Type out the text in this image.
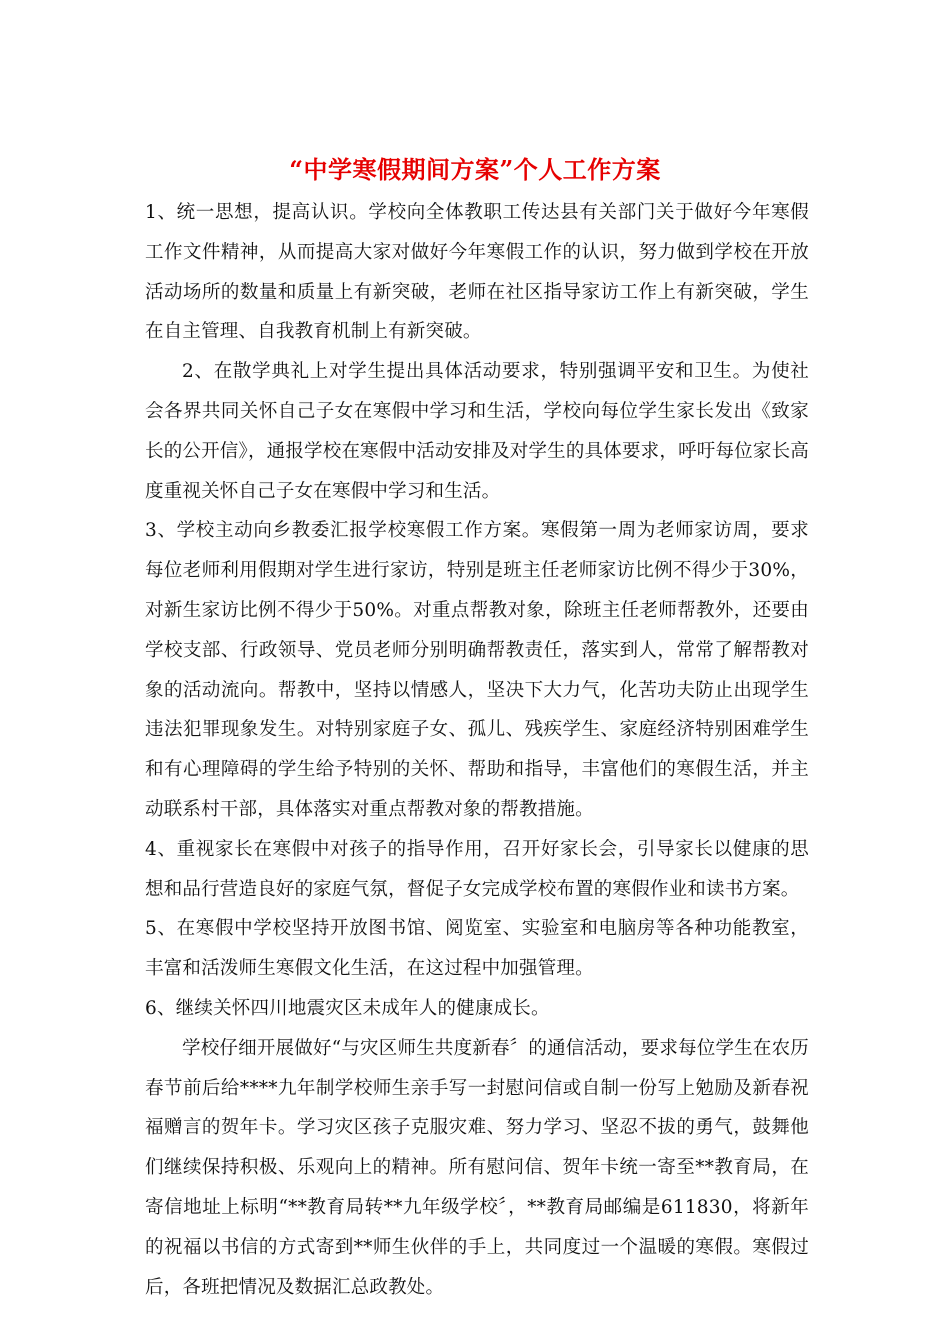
“中学寒假期间方案”个人工作方案

1、统一思想，提高认识。学校向全体教职工传达县有关部门关于做好今年寒假工作文件精神，从而提高大家对做好今年寒假工作的认识，努力做到学校在开放活动场所的数量和质量上有新突破，老师在社区指导家访工作上有新突破，学生在自主管理、自我教育机制上有新突破。

2、在散学典礼上对学生提出具体活动要求，特别强调平安和卫生。为使社会各界共同关怀自己子女在寒假中学习和生活，学校向每位学生家长发出《致家长的公开信》，通报学校在寒假中活动安排及对学生的具体要求，呼吁每位家长高度重视关怀自己子女在寒假中学习和生活。

3、学校主动向乡教委汇报学校寒假工作方案。寒假第一周为老师家访周，要求每位老师利用假期对学生进行家访，特别是班主任老师家访比例不得少于30%，对新生家访比例不得少于50%。对重点帮教对象，除班主任老师帮教外，还要由学校支部、行政领导、党员老师分别明确帮教责任，落实到人，常常了解帮教对象的活动流向。帮教中，坚持以情感人，坚决下大力气，化苦功夫防止出现学生违法犯罪现象发生。对特别家庭子女、孤儿、残疾学生、家庭经济特别困难学生和有心理障碍的学生给予特别的关怀、帮助和指导，丰富他们的寒假生活，并主动联系村干部，具体落实对重点帮教对象的帮教措施。

4、重视家长在寒假中对孩子的指导作用，召开好家长会，引导家长以健康的思想和品行营造良好的家庭气氛，督促子女完成学校布置的寒假作业和读书方案。

5、在寒假中学校坚持开放图书馆、阅览室、实验室和电脑房等各种功能教室，丰富和活泼师生寒假文化生活，在这过程中加强管理。

6、继续关怀四川地震灾区未成年人的健康成长。

学校仔细开展做好“与灾区师生共度新春〞的通信活动，要求每位学生在农历春节前后给****九年制学校师生亲手写一封慰问信或自制一份写上勉励及新春祝福赠言的贺年卡。学习灾区孩子克服灾难、努力学习、坚忍不拔的勇气，鼓舞他们继续保持积极、乐观向上的精神。所有慰问信、贺年卡统一寄至**教育局，在寄信地址上标明“**教育局转**九年级学校〞，**教育局邮编是611830，将新年的祝福以书信的方式寄到**师生伙伴的手上，共同度过一个温暖的寒假。寒假过后，各班把情况及数据汇总政教处。
